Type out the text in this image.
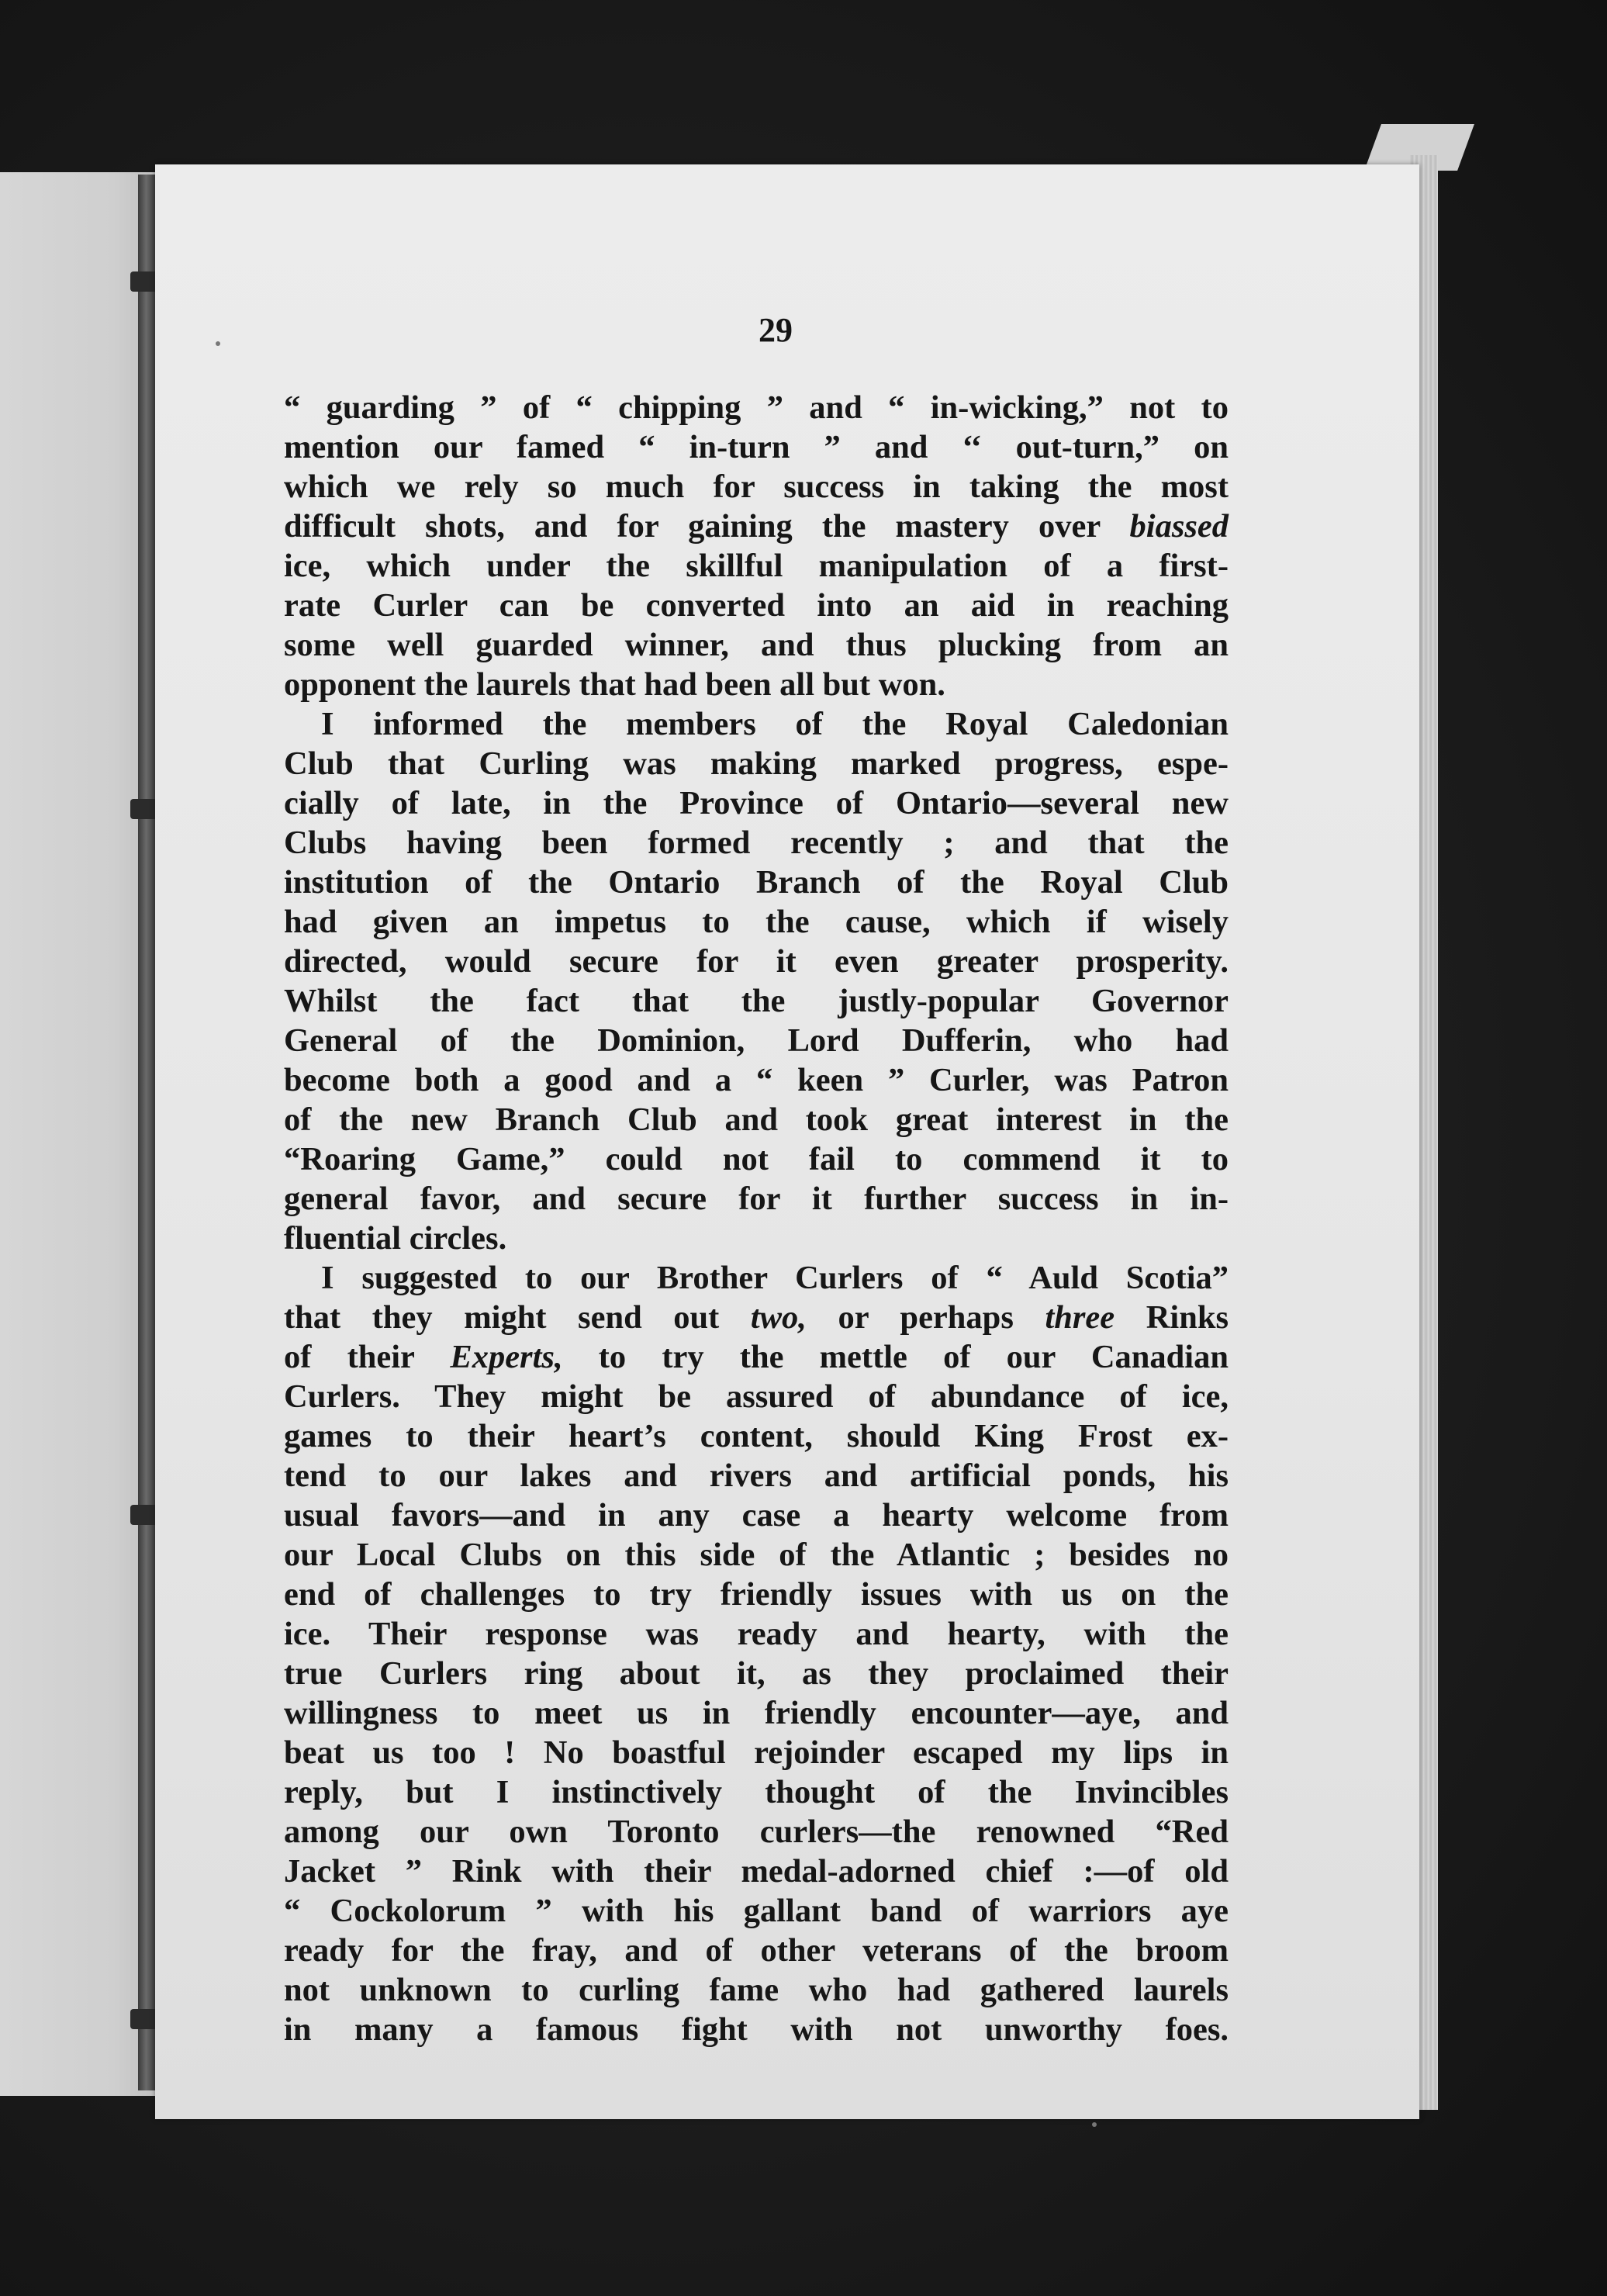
29
“ guarding ” of “ chipping ” and “ in-wicking,” not to
mention our famed “ in-turn ” and ‘‘ out-turn,” on
which we rely so much for success in taking the most
difficult shots, and for gaining the mastery over biassed
ice, which under the skillful manipulation of a first-
rate Curler can be converted into an aid in reaching
some well guarded winner, and thus plucking from an
opponent the laurels that had been all but won.
I informed the members of the Royal Caledonian
Club that Curling was making marked progress, espe-
cially of late, in the Province of Ontario—several new
Clubs having been formed recently ; and that the
institution of the Ontario Branch of the Royal Club
had given an impetus to the cause, which if wisely
directed, would secure for it even greater prosperity.
Whilst the fact that the justly-popular Governor
General of the Dominion, Lord Dufferin, who had
become both a good and a “ keen ” Curler, was Patron
of the new Branch Club and took great interest in the
“Roaring Game,” could not fail to commend it to
general favor, and secure for it further success in in-
fluential circles.
I suggested to our Brother Curlers of “ Auld Scotia”
that they might send out two, or perhaps three Rinks
of their Experts, to try the mettle of our Canadian
Curlers. They might be assured of abundance of ice,
games to their heart’s content, should King Frost ex-
tend to our lakes and rivers and artificial ponds, his
usual favors—and in any case a hearty welcome from
our Local Clubs on this side of the Atlantic ; besides no
end of challenges to try friendly issues with us on the
ice. Their response was ready and hearty, with the
true Curlers ring about it, as they proclaimed their
willingness to meet us in friendly encounter—aye, and
beat us too ! No boastful rejoinder escaped my lips in
reply, but I instinctively thought of the Invincibles
among our own Toronto curlers—the renowned “Red
Jacket ” Rink with their medal-adorned chief :—of old
“ Cockolorum ” with his gallant band of warriors aye
ready for the fray, and of other veterans of the broom
not unknown to curling fame who had gathered laurels
in many a famous fight with not unworthy foes.
